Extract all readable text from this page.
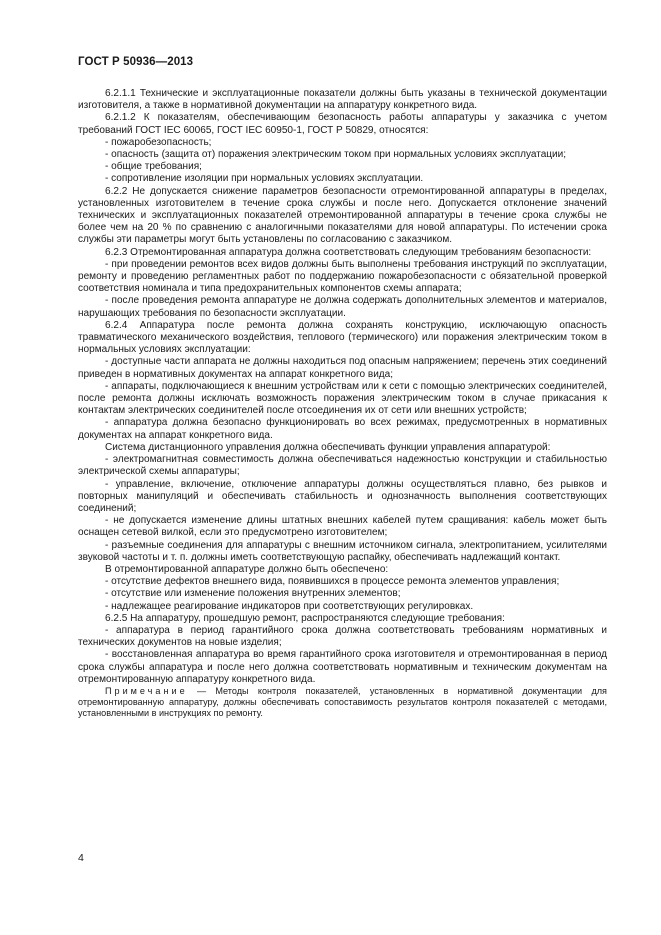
ГОСТ Р 50936—2013

6.2.1.1 Технические и эксплуатационные показатели должны быть указаны в технической документации изготовителя, а также в нормативной документации на аппаратуру конкретного вида.

6.2.1.2 К показателям, обеспечивающим безопасность работы аппаратуры у заказчика с учетом требований ГОСТ IEC 60065, ГОСТ IEC 60950-1, ГОСТ Р 50829, относятся:

- пожаробезопасность;

- опасность (защита от) поражения электрическим током при нормальных условиях эксплуатации;

- общие требования;

- сопротивление изоляции при нормальных условиях эксплуатации.

6.2.2 Не допускается снижение параметров безопасности отремонтированной аппаратуры в пределах, установленных изготовителем в течение срока службы и после него. Допускается отклонение значений технических и эксплуатационных показателей отремонтированной аппаратуры в течение срока службы не более чем на 20 % по сравнению с аналогичными показателями для новой аппаратуры. По истечении срока службы эти параметры могут быть установлены по согласованию с заказчиком.

6.2.3 Отремонтированная аппаратура должна соответствовать следующим требованиям безопасности:

- при проведении ремонтов всех видов должны быть выполнены требования инструкций по эксплуатации, ремонту и проведению регламентных работ по поддержанию пожаробезопасности с обязательной проверкой соответствия номинала и типа предохранительных компонентов схемы аппарата;

- после проведения ремонта аппаратуре не должна содержать дополнительных элементов и материалов, нарушающих требования по безопасности эксплуатации.

6.2.4 Аппаратура после ремонта должна сохранять конструкцию, исключающую опасность травматического механического воздействия, теплового (термического) или поражения электрическим током в нормальных условиях эксплуатации:

- доступные части аппарата не должны находиться под опасным напряжением; перечень этих соединений приведен в нормативных документах на аппарат конкретного вида;

- аппараты, подключающиеся к внешним устройствам или к сети с помощью электрических соединителей, после ремонта должны исключать возможность поражения электрическим током в случае прикасания к контактам электрических соединителей после отсоединения их от сети или внешних устройств;

- аппаратура должна безопасно функционировать во всех режимах, предусмотренных в нормативных документах на аппарат конкретного вида.

Система дистанционного управления должна обеспечивать функции управления аппаратурой:

- электромагнитная совместимость должна обеспечиваться надежностью конструкции и стабильностью электрической схемы аппаратуры;

- управление, включение, отключение аппаратуры должны осуществляться плавно, без рывков и повторных манипуляций и обеспечивать стабильность и однозначность выполнения соответствующих соединений;

- не допускается изменение длины штатных внешних кабелей путем сращивания: кабель может быть оснащен сетевой вилкой, если это предусмотрено изготовителем;

- разъемные соединения для аппаратуры с внешним источником сигнала, электропитанием, усилителями звуковой частоты и т. п. должны иметь соответствующую распайку, обеспечивать надлежащий контакт.

В отремонтированной аппаратуре должно быть обеспечено:

- отсутствие дефектов внешнего вида, появившихся в процессе ремонта элементов управления;

- отсутствие или изменение положения внутренних элементов;

- надлежащее реагирование индикаторов при соответствующих регулировках.

6.2.5 На аппаратуру, прошедшую ремонт, распространяются следующие требования:

- аппаратура в период гарантийного срока должна соответствовать требованиям нормативных и технических документов на новые изделия;

- восстановленная аппаратура во время гарантийного срока изготовителя и отремонтированная в период срока службы аппаратура и после него должна соответствовать нормативным и техническим документам на отремонтированную аппаратуру конкретного вида.

Примечание — Методы контроля показателей, установленных в нормативной документации для отремонтированную аппаратуру, должны обеспечивать сопоставимость результатов контроля показателей с методами, установленными в инструкциях по ремонту.

4
